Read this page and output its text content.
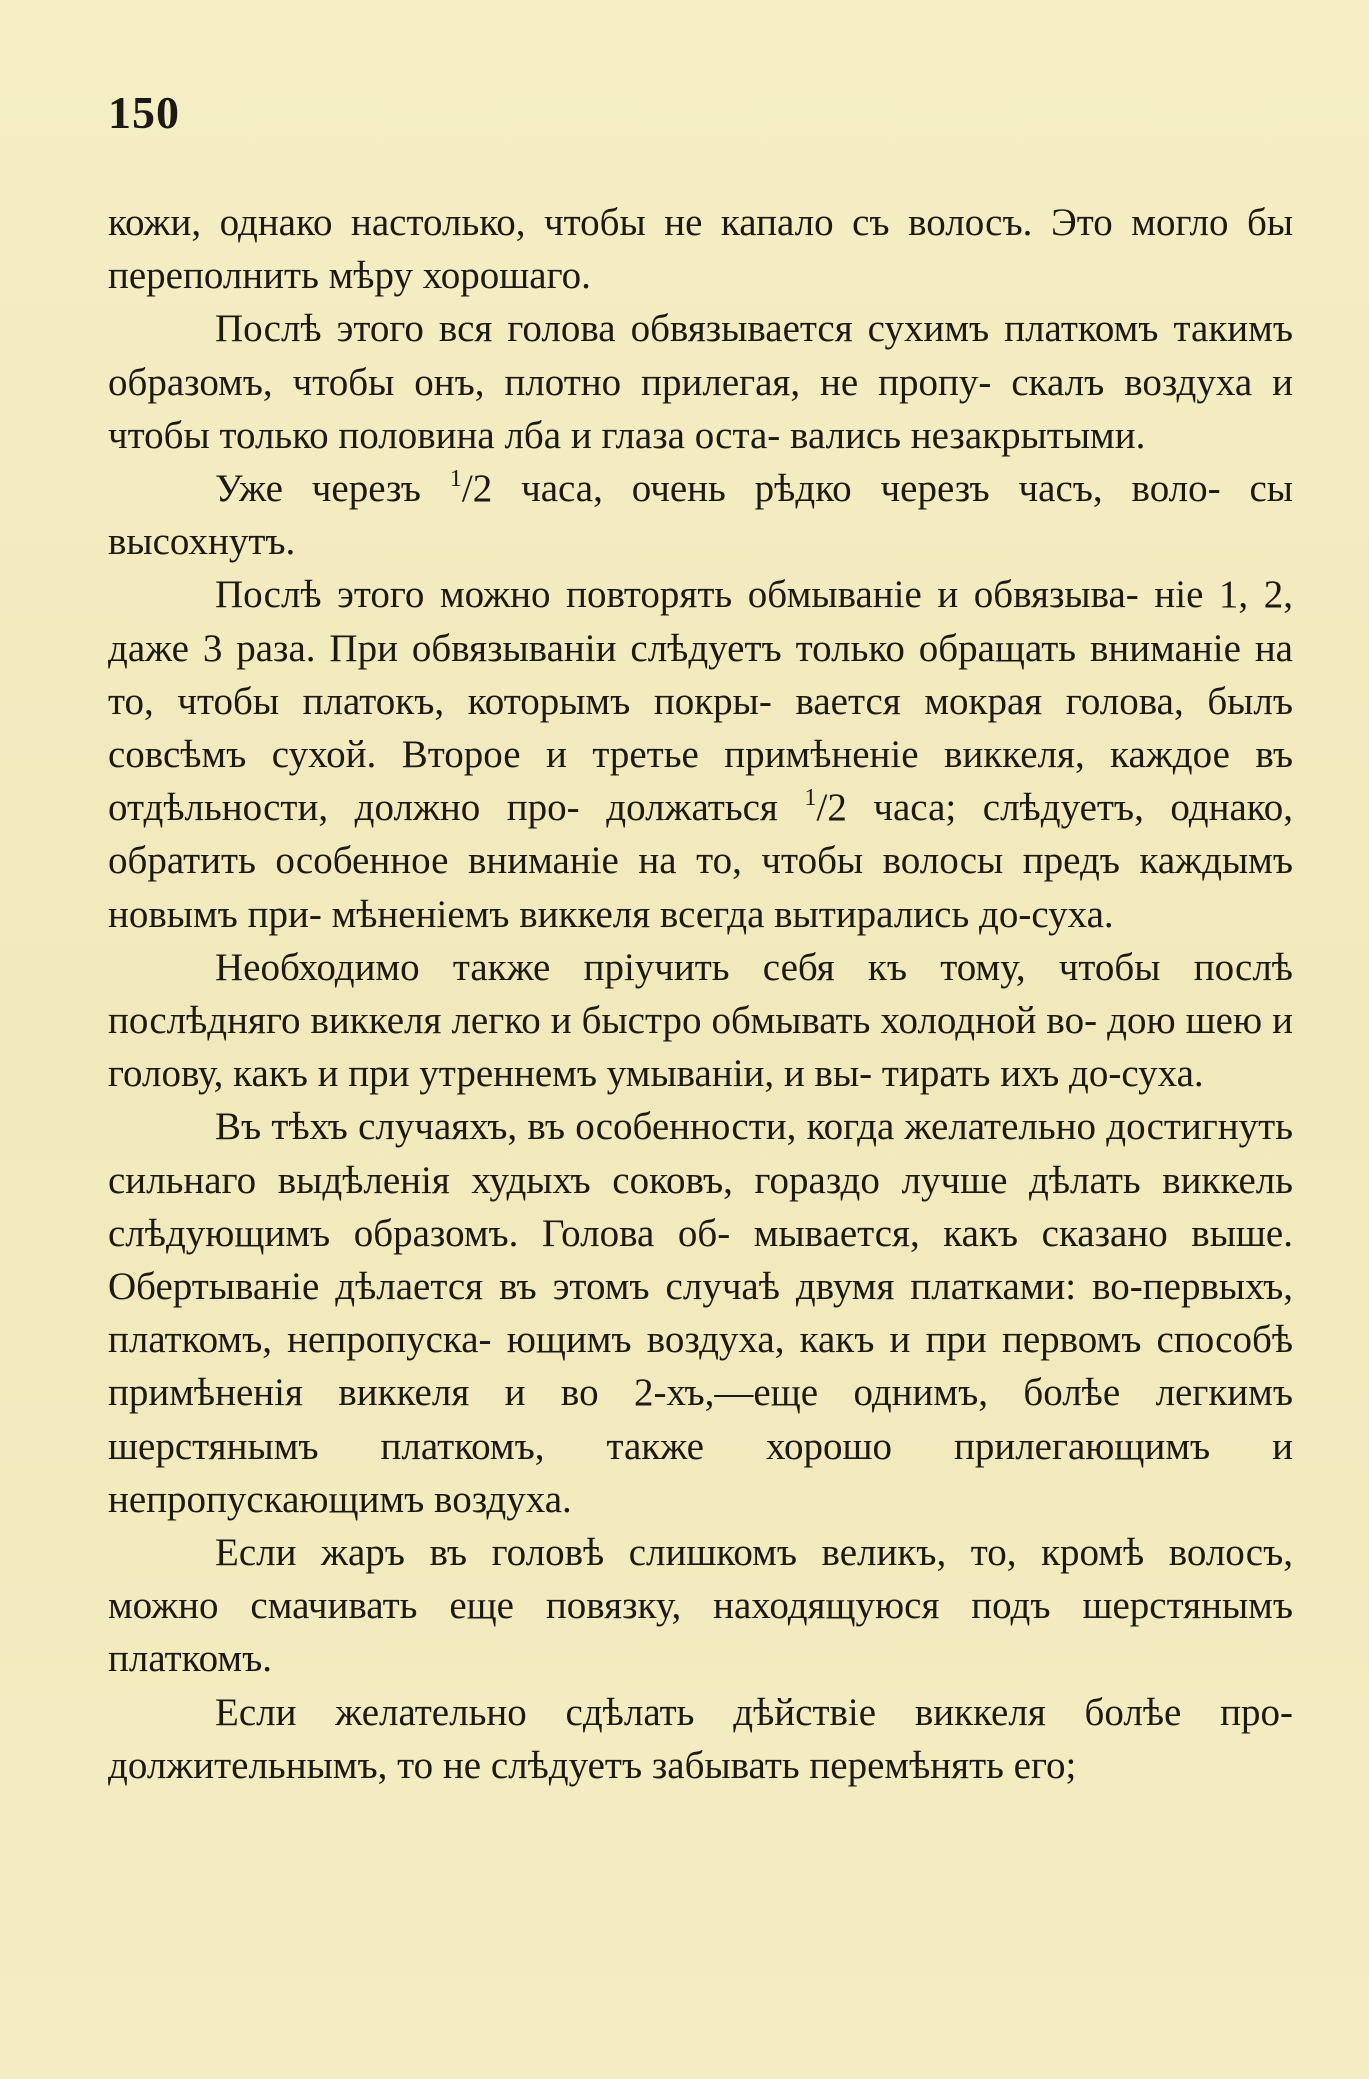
150

кожи, однако настолько, чтобы не капало съ волосъ. Это могло бы переполнить мѣру хорошаго.

Послѣ этого вся голова обвязывается сухимъ платкомъ такимъ образомъ, чтобы онъ, плотно прилегая, не пропу- скалъ воздуха и чтобы только половина лба и глаза оста- вались незакрытыми.

Уже черезъ $^1$/2 часа, очень рѣдко черезъ часъ, воло- сы высохнутъ.

Послѣ этого можно повторять обмываніе и обвязыва- ніе 1, 2, даже 3 раза. При обвязываніи слѣдуетъ только обращать вниманіе на то, чтобы платокъ, которымъ покры- вается мокрая голова, былъ совсѣмъ сухой. Второе и третье примѣненіе виккеля, каждое въ отдѣльности, должно про- должаться $^1$/2 часа; слѣдуетъ, однако, обратить особенное вниманіе на то, чтобы волосы предъ каждымъ новымъ при- мѣненіемъ виккеля всегда вытирались до-суха.

Необходимо также пріучить себя къ тому, чтобы послѣ послѣдняго виккеля легко и быстро обмывать холодной во- дою шею и голову, какъ и при утреннемъ умываніи, и вы- тирать ихъ до-суха.

Въ тѣхъ случаяхъ, въ особенности, когда желательно достигнуть сильнаго выдѣленія худыхъ соковъ, гораздо лучше дѣлать виккель слѣдующимъ образомъ. Голова об- мывается, какъ сказано выше. Обертываніе дѣлается въ этомъ случаѣ двумя платками: во-первыхъ, платкомъ, непропуска- ющимъ воздуха, какъ и при первомъ способѣ примѣненія виккеля и во 2-хъ,—еще однимъ, болѣе легкимъ шерстянымъ платкомъ, также хорошо прилегающимъ и непропускающимъ воздуха.

Если жаръ въ головѣ слишкомъ великъ, то, кромѣ волосъ, можно смачивать еще повязку, находящуюся подъ шерстянымъ платкомъ.

Если желательно сдѣлать дѣйствіе виккеля болѣе про- должительнымъ, то не слѣдуетъ забывать перемѣнять его;
